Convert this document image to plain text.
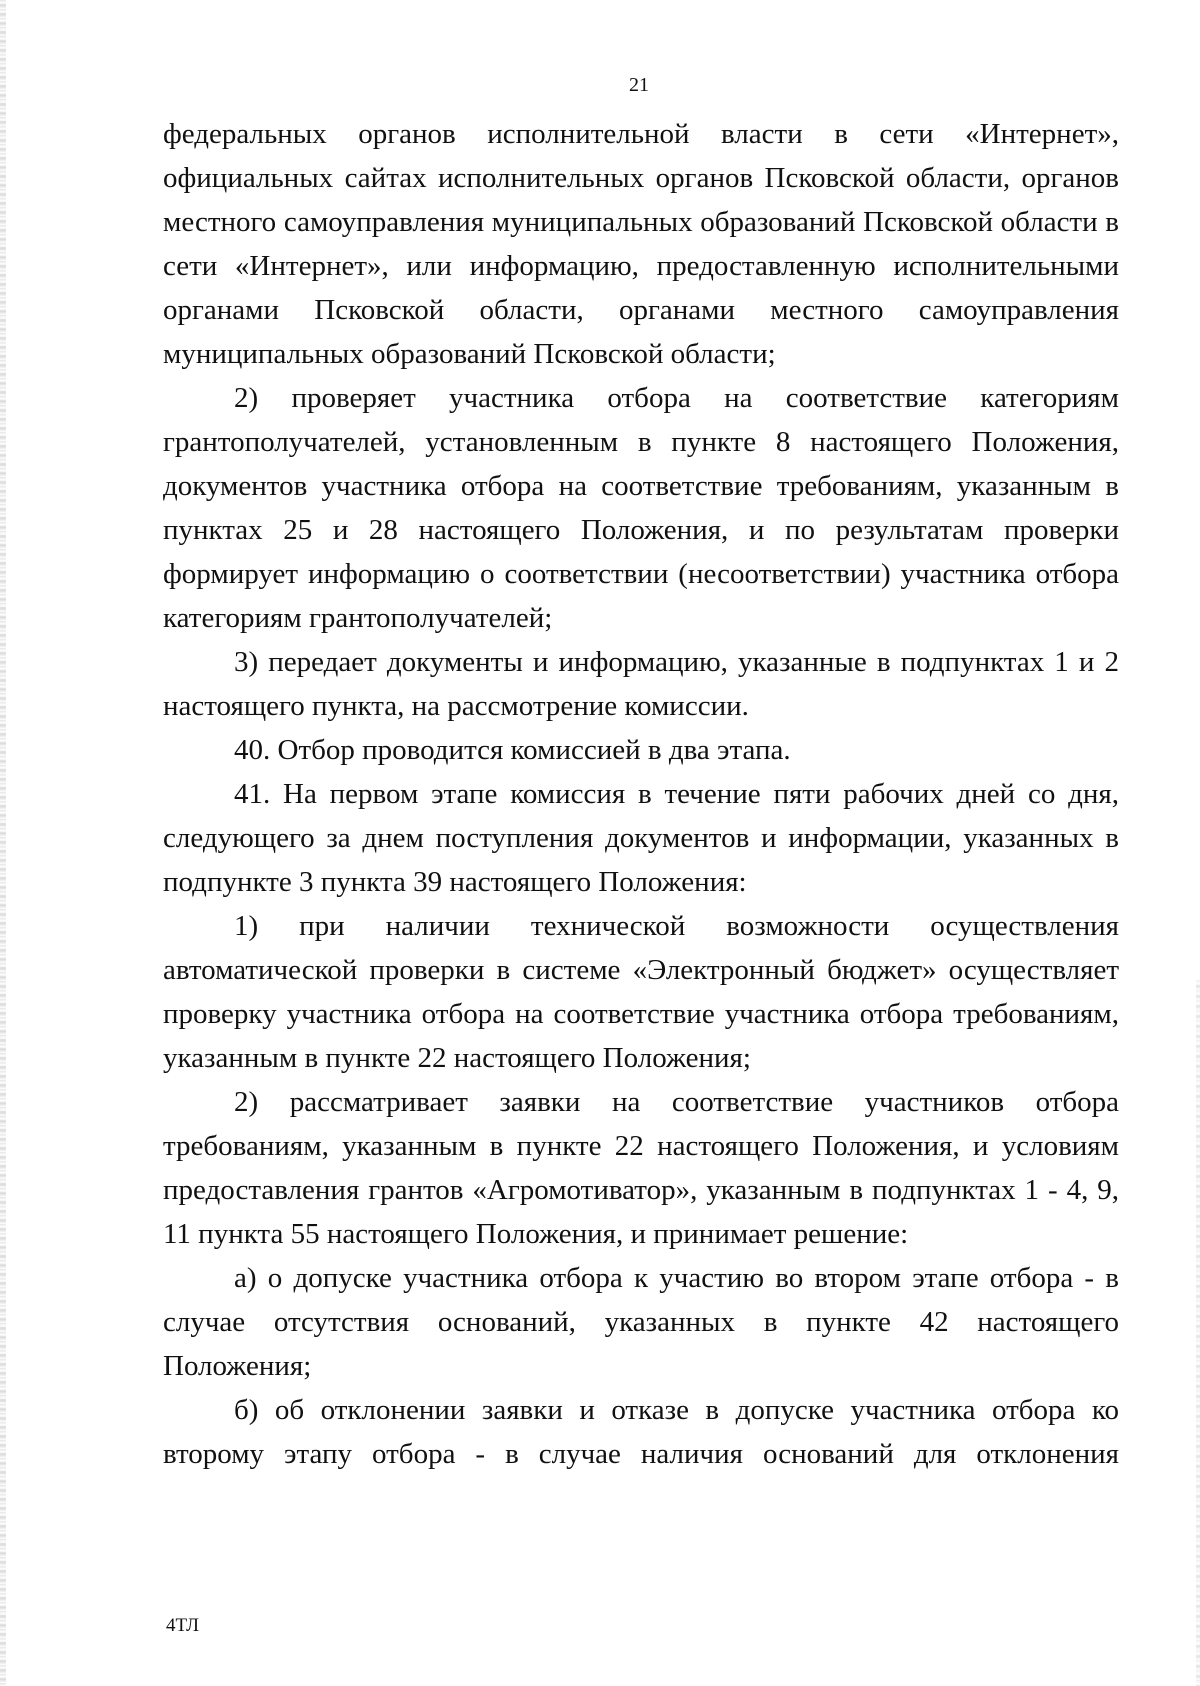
21

федеральных органов исполнительной власти в сети «Интернет», официальных сайтах исполнительных органов Псковской области, органов местного самоуправления муниципальных образований Псковской области в сети «Интернет», или информацию, предоставленную исполнительными органами Псковской области, органами местного самоуправления муниципальных образований Псковской области;

2) проверяет участника отбора на соответствие категориям грантополучателей, установленным в пункте 8 настоящего Положения, документов участника отбора на соответствие требованиям, указанным в пунктах 25 и 28 настоящего Положения, и по результатам проверки формирует информацию о соответствии (несоответствии) участника отбора категориям грантополучателей;

3) передает документы и информацию, указанные в подпунктах 1 и 2 настоящего пункта, на рассмотрение комиссии.

40. Отбор проводится комиссией в два этапа.

41. На первом этапе комиссия в течение пяти рабочих дней со дня, следующего за днем поступления документов и информации, указанных в подпункте 3 пункта 39 настоящего Положения:

1) при наличии технической возможности осуществления автоматической проверки в системе «Электронный бюджет» осуществляет проверку участника отбора на соответствие участника отбора требованиям, указанным в пункте 22 настоящего Положения;

2) рассматривает заявки на соответствие участников отбора требованиям, указанным в пункте 22 настоящего Положения, и условиям предоставления грантов «Агромотиватор», указанным в подпунктах 1 - 4, 9, 11 пункта 55 настоящего Положения, и принимает решение:

а) о допуске участника отбора к участию во втором этапе отбора - в случае отсутствия оснований, указанных в пункте 42 настоящего Положения;

б) об отклонении заявки и отказе в допуске участника отбора ко второму этапу отбора - в случае наличия оснований для отклонения

4ТЛ
